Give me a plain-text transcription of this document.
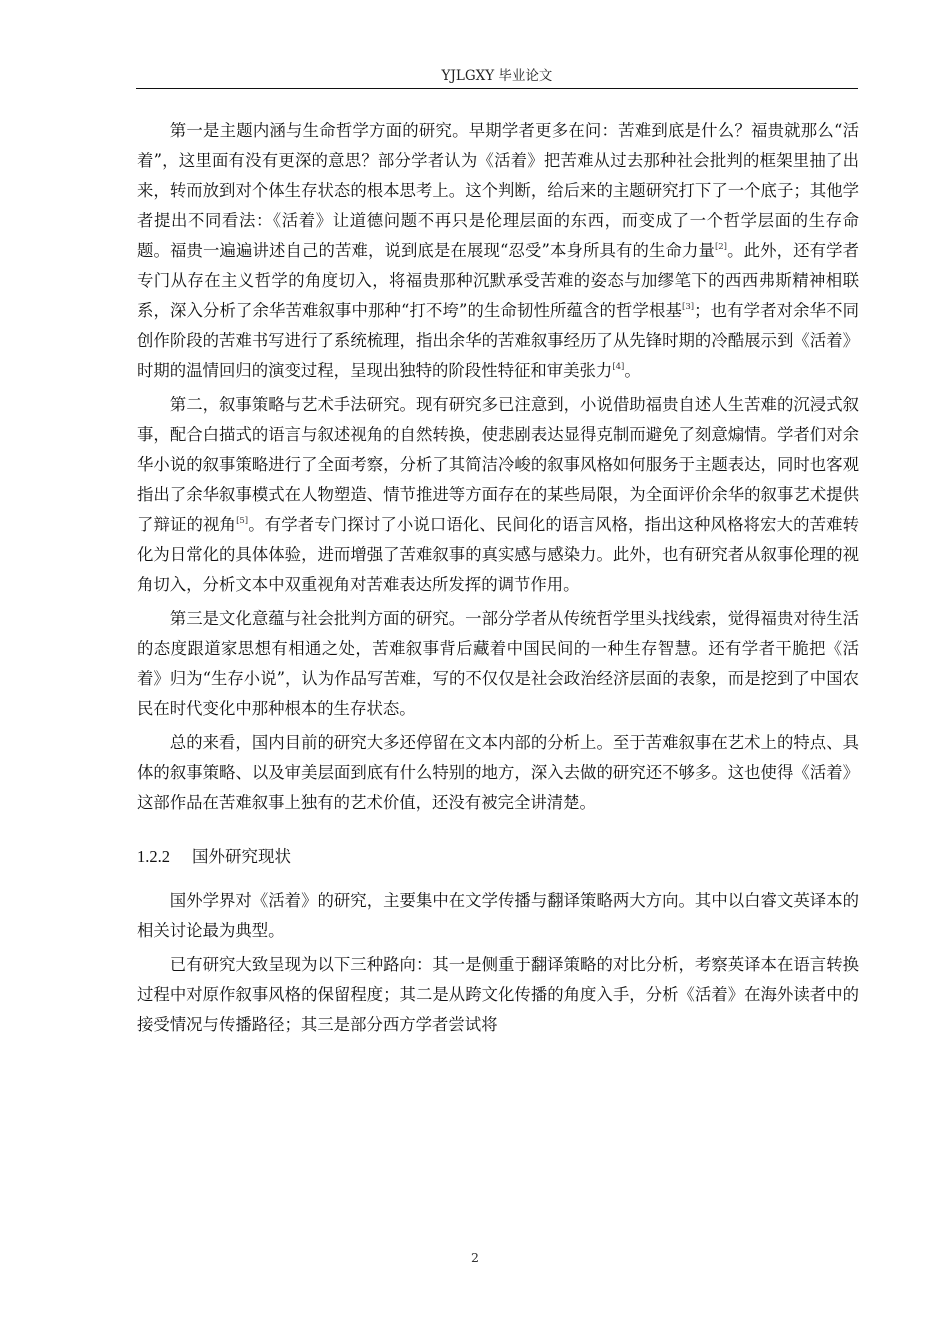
YJLGXY 毕业论文

第一是主题内涵与生命哲学方面的研究。早期学者更多在问：苦难到底是什么？福贵就那么“活着”，这里面有没有更深的意思？部分学者认为《活着》把苦难从过去那种社会批判的框架里抽了出来，转而放到对个体生存状态的根本思考上。这个判断，给后来的主题研究打下了一个底子；其他学者提出不同看法：《活着》让道德问题不再只是伦理层面的东西，而变成了一个哲学层面的生存命题。福贵一遍遍讲述自己的苦难，说到底是在展现“忍受”本身所具有的生命力量[2]。此外，还有学者专门从存在主义哲学的角度切入，将福贵那种沉默承受苦难的姿态与加缪笔下的西西弗斯精神相联系，深入分析了余华苦难叙事中那种“打不垮”的生命韧性所蕴含的哲学根基[3]；也有学者对余华不同创作阶段的苦难书写进行了系统梳理，指出余华的苦难叙事经历了从先锋时期的冷酷展示到《活着》时期的温情回归的演变过程，呈现出独特的阶段性特征和审美张力[4]。

第二，叙事策略与艺术手法研究。现有研究多已注意到，小说借助福贵自述人生苦难的沉浸式叙事，配合白描式的语言与叙述视角的自然转换，使悲剧表达显得克制而避免了刻意煽情。学者们对余华小说的叙事策略进行了全面考察，分析了其简洁冷峻的叙事风格如何服务于主题表达，同时也客观指出了余华叙事模式在人物塑造、情节推进等方面存在的某些局限，为全面评价余华的叙事艺术提供了辩证的视角[5]。有学者专门探讨了小说口语化、民间化的语言风格，指出这种风格将宏大的苦难转化为日常化的具体体验，进而增强了苦难叙事的真实感与感染力。此外，也有研究者从叙事伦理的视角切入，分析文本中双重视角对苦难表达所发挥的调节作用。

第三是文化意蕴与社会批判方面的研究。一部分学者从传统哲学里头找线索，觉得福贵对待生活的态度跟道家思想有相通之处，苦难叙事背后藏着中国民间的一种生存智慧。还有学者干脆把《活着》归为“生存小说”，认为作品写苦难，写的不仅仅是社会政治经济层面的表象，而是挖到了中国农民在时代变化中那种根本的生存状态。

总的来看，国内目前的研究大多还停留在文本内部的分析上。至于苦难叙事在艺术上的特点、具体的叙事策略、以及审美层面到底有什么特别的地方，深入去做的研究还不够多。这也使得《活着》这部作品在苦难叙事上独有的艺术价值，还没有被完全讲清楚。

1.2.2 国外研究现状

国外学界对《活着》的研究，主要集中在文学传播与翻译策略两大方向。其中以白睿文英译本的相关讨论最为典型。

已有研究大致呈现为以下三种路向：其一是侧重于翻译策略的对比分析，考察英译本在语言转换过程中对原作叙事风格的保留程度；其二是从跨文化传播的角度入手，分析《活着》在海外读者中的接受情况与传播路径；其三是部分西方学者尝试将

2
